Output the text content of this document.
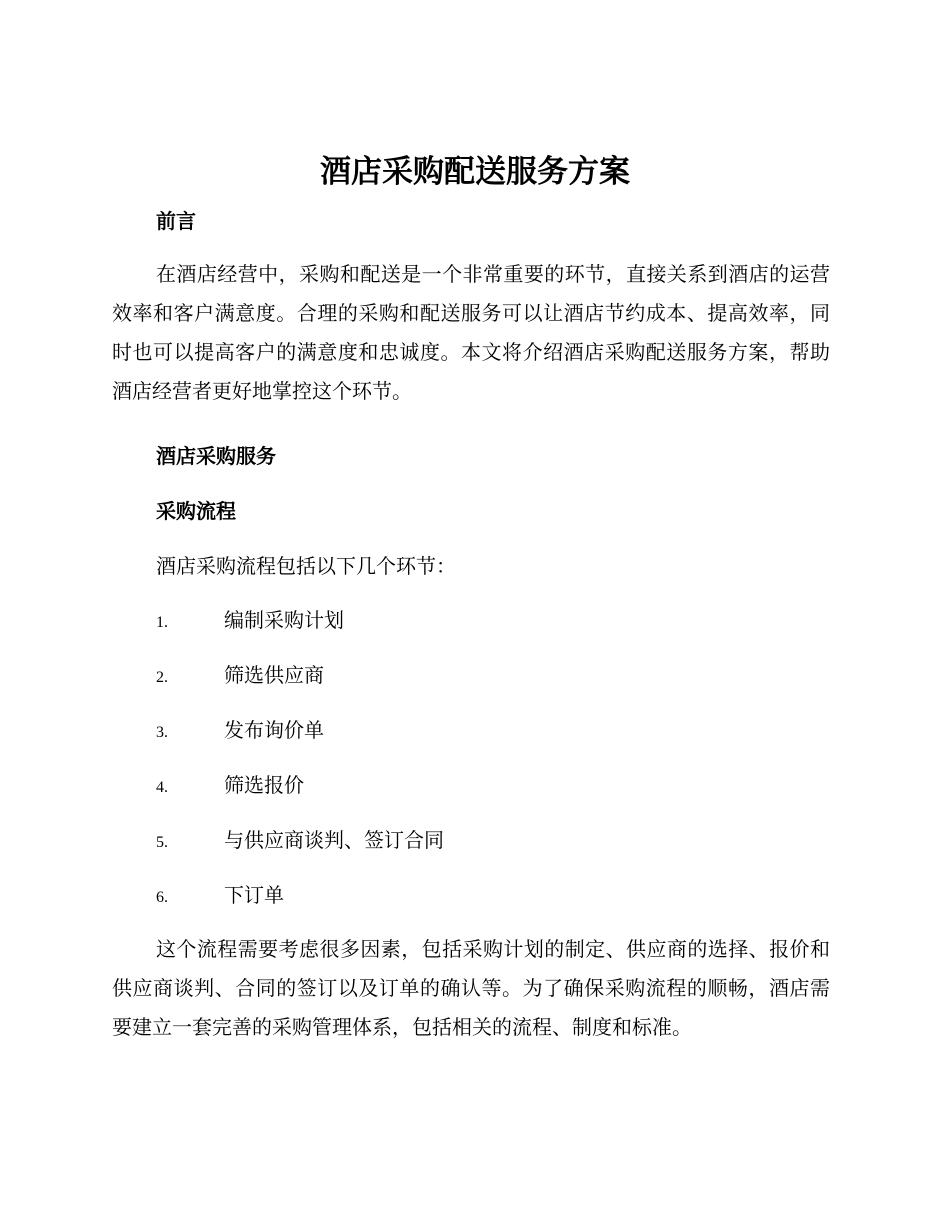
酒店采购配送服务方案
前言

在酒店经营中，采购和配送是一个非常重要的环节，直接关系到酒店的运营效率和客户满意度。合理的采购和配送服务可以让酒店节约成本、提高效率，同时也可以提高客户的满意度和忠诚度。本文将介绍酒店采购配送服务方案，帮助酒店经营者更好地掌控这个环节。

酒店采购服务
采购流程

酒店采购流程包括以下几个环节：

1.	编制采购计划
2.	筛选供应商
3.	发布询价单
4.	筛选报价
5.	与供应商谈判、签订合同
6.	下订单

这个流程需要考虑很多因素，包括采购计划的制定、供应商的选择、报价和供应商谈判、合同的签订以及订单的确认等。为了确保采购流程的顺畅，酒店需要建立一套完善的采购管理体系，包括相关的流程、制度和标准。
